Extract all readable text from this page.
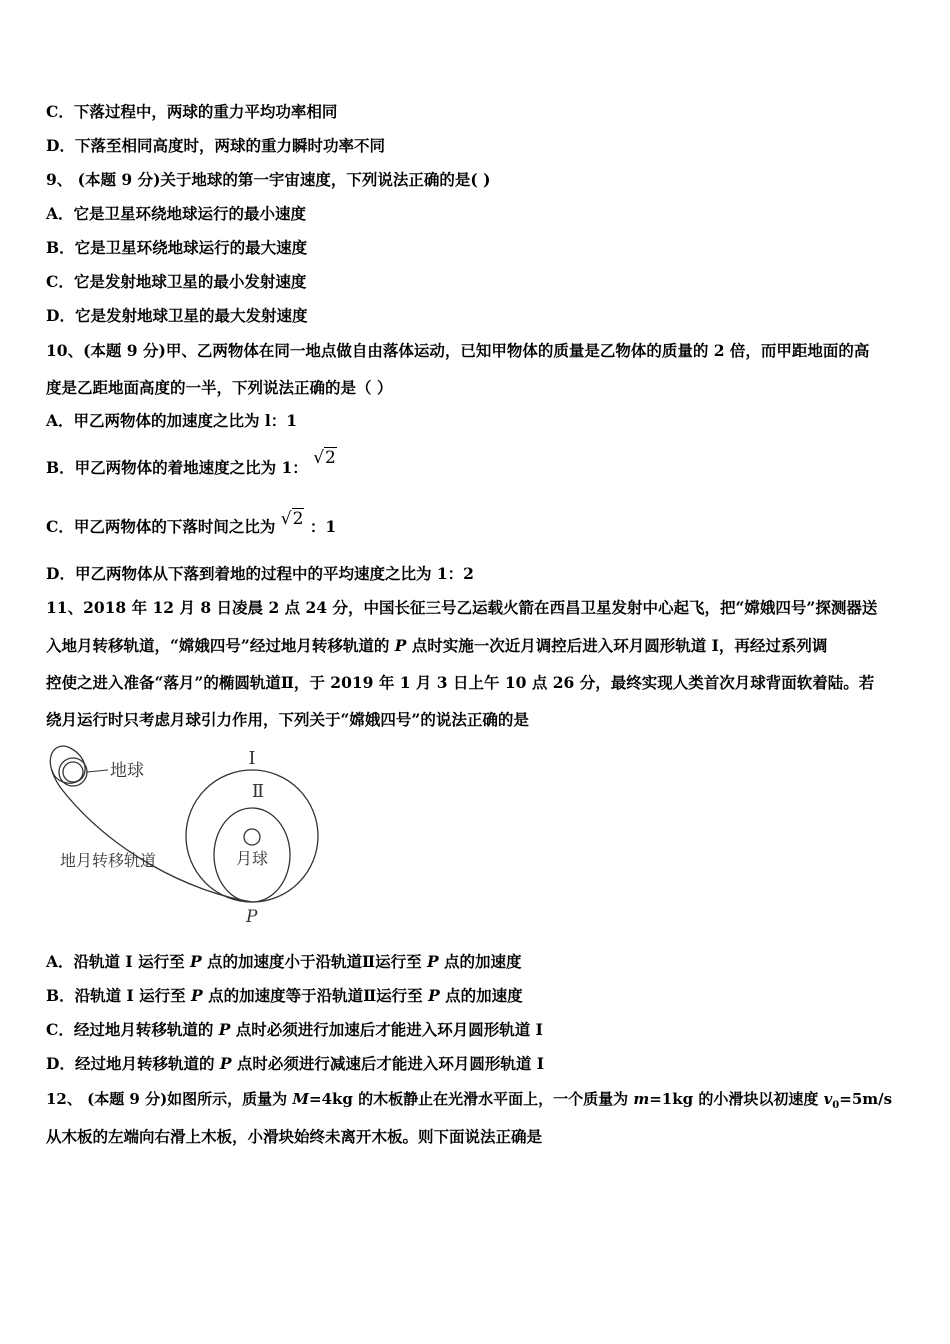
C．下落过程中，两球的重力平均功率相同
D．下落至相同高度时，两球的重力瞬时功率不同
9、 (本题 9 分)关于地球的第一宇宙速度，下列说法正确的是( )
A．它是卫星环绕地球运行的最小速度
B．它是卫星环绕地球运行的最大速度
C．它是发射地球卫星的最小发射速度
D．它是发射地球卫星的最大发射速度
10、(本题 9 分)甲、乙两物体在同一地点做自由落体运动，已知甲物体的质量是乙物体的质量的 2 倍，而甲距地面的高
度是乙距地面高度的一半，下列说法正确的是（ ）
A．甲乙两物体的加速度之比为 l：1
B．甲乙两物体的着地速度之比为 1： √2
C．甲乙两物体的下落时间之比为 √2 ：1
D．甲乙两物体从下落到着地的过程中的平均速度之比为 1：2
11、2018 年 12 月 8 日凌晨 2 点 24 分，中国长征三号乙运载火箭在西昌卫星发射中心起飞，把“嫦娥四号”探测器送
入地月转移轨道，“嫦娥四号”经过地月转移轨道的 P 点时实施一次近月调控后进入环月圆形轨道 I，再经过系列调
控使之进入准备“落月”的椭圆轨道Ⅱ，于 2019 年 1 月 3 日上午 10 点 26 分，最终实现人类首次月球背面软着陆。若
绕月运行时只考虑月球引力作用，下列关于“嫦娥四号”的说法正确的是
地球
Ⅰ
Ⅱ
月球
地月转移轨道
P
A．沿轨道 I 运行至 P 点的加速度小于沿轨道Ⅱ运行至 P 点的加速度
B．沿轨道 I 运行至 P 点的加速度等于沿轨道Ⅱ运行至 P 点的加速度
C．经过地月转移轨道的 P 点时必须进行加速后才能进入环月圆形轨道 I
D．经过地月转移轨道的 P 点时必须进行减速后才能进入环月圆形轨道 I
12、 (本题 9 分)如图所示，质量为 M=4kg 的木板静止在光滑水平面上，一个质量为 m=1kg 的小滑块以初速度 $v_0=5m/s$
从木板的左端向右滑上木板，小滑块始终未离开木板。则下面说法正确是
